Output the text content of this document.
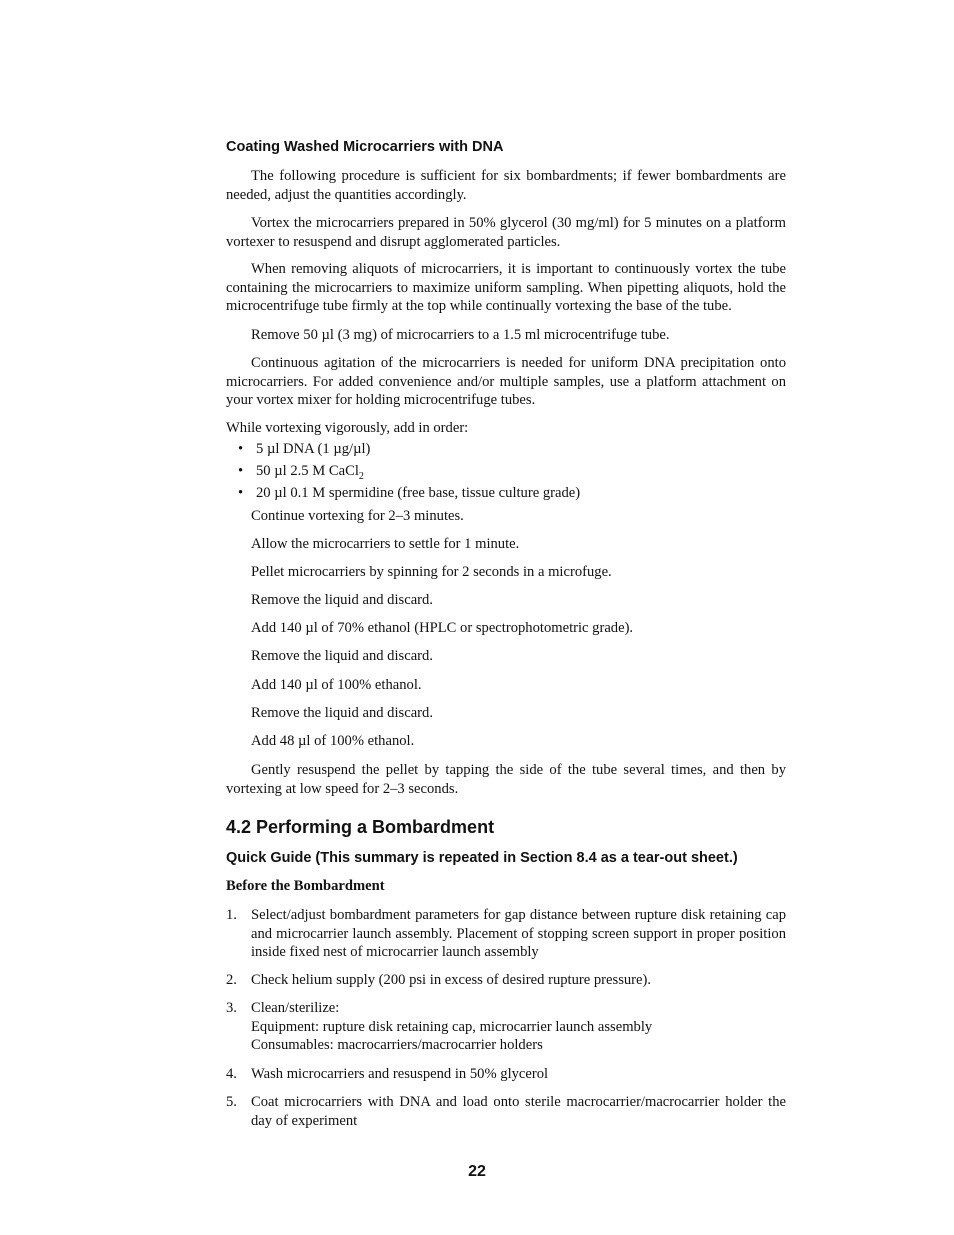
Coating Washed Microcarriers with DNA
The following procedure is sufficient for six bombardments; if fewer bombardments are needed, adjust the quantities accordingly.
Vortex the microcarriers prepared in 50% glycerol (30 mg/ml) for 5 minutes on a platform vortexer to resuspend and disrupt agglomerated particles.
When removing aliquots of microcarriers, it is important to continuously vortex the tube containing the microcarriers to maximize uniform sampling. When pipetting aliquots, hold the microcentrifuge tube firmly at the top while continually vortexing the base of the tube.
Remove 50 µl (3 mg) of microcarriers to a 1.5 ml microcentrifuge tube.
Continuous agitation of the microcarriers is needed for uniform DNA precipitation onto microcarriers. For added convenience and/or multiple samples, use a platform attachment on your vortex mixer for holding microcentrifuge tubes.
While vortexing vigorously, add in order:
• 5 µl DNA (1 µg/µl)
• 50 µl 2.5 M CaCl$_2$
• 20 µl 0.1 M spermidine (free base, tissue culture grade)
Continue vortexing for 2–3 minutes.
Allow the microcarriers to settle for 1 minute.
Pellet microcarriers by spinning for 2 seconds in a microfuge.
Remove the liquid and discard.
Add 140 µl of 70% ethanol (HPLC or spectrophotometric grade).
Remove the liquid and discard.
Add 140 µl of 100% ethanol.
Remove the liquid and discard.
Add 48 µl of 100% ethanol.
Gently resuspend the pellet by tapping the side of the tube several times, and then by vortexing at low speed for 2–3 seconds.
4.2 Performing a Bombardment
Quick Guide (This summary is repeated in Section 8.4 as a tear-out sheet.)
Before the Bombardment
1. Select/adjust bombardment parameters for gap distance between rupture disk retaining cap and microcarrier launch assembly. Placement of stopping screen support in proper position inside fixed nest of microcarrier launch assembly
2. Check helium supply (200 psi in excess of desired rupture pressure).
3. Clean/sterilize:
Equipment: rupture disk retaining cap, microcarrier launch assembly
Consumables: macrocarriers/macrocarrier holders
4. Wash microcarriers and resuspend in 50% glycerol
5. Coat microcarriers with DNA and load onto sterile macrocarrier/macrocarrier holder the day of experiment
22
